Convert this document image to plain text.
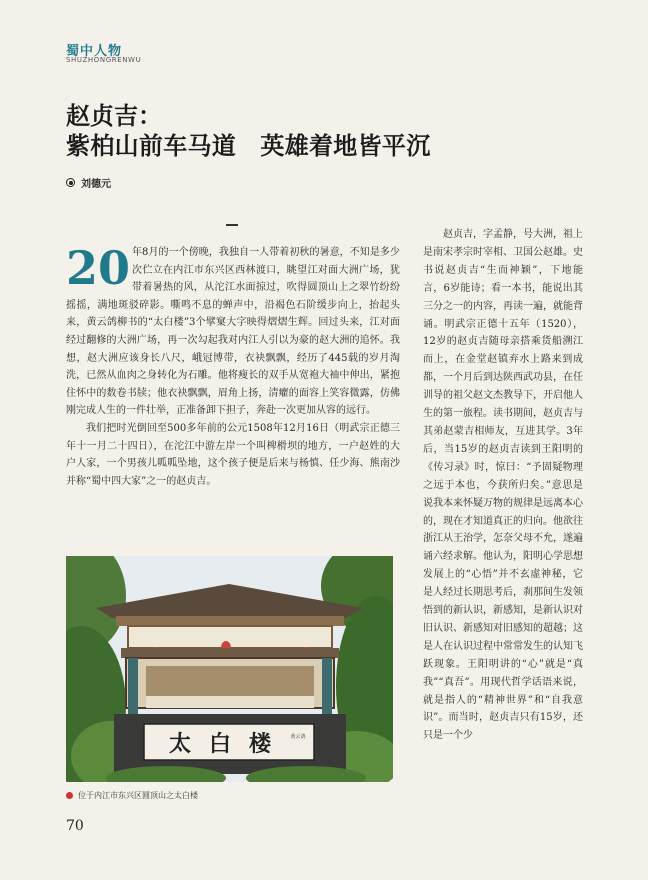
蜀中人物
SHUZHONGRENWU
赵贞吉：
紫柏山前车马道　英雄着地皆平沉
刘德元
20 年8月的一个傍晚，我独自一人带着初秋的暑意，不知是多少次伫立在内江市东兴区西林渡口，眺望江对面大洲广场，犹带着暑热的风，从沱江水面掠过，吹得圆顶山上之翠竹纷纷摇摇，满地斑驳碎影。嘶鸣不息的蝉声中，沿褐色石阶缓步向上，抬起头来，黄云鸽柳书的“太白楼”3个擘窠大字映得熠熠生辉。回过头来，江对面经过翻修的大洲广场，再一次勾起我对内江人引以为豪的赵大洲的追怀。我想，赵大洲应该身长八尺，峨冠博带，衣袂飘飘，经历了445载的岁月淘洗，已然从血肉之身转化为石雕。他将瘦长的双手从宽袍大袖中伸出，紧抱住怀中的数卷书牍；他衣袂飘飘，眉角上扬，清癯的面容上笑容微露，仿佛刚完成人生的一件壮举，正准备卸下担子，奔赴一次更加从容的远行。

我们把时光倒回至500多年前的公元1508年12月16日（明武宗正德三年十一月二十四日），在沱江中游左岸一个叫椑榾坝的地方，一户赵姓的大户人家，一个男孩儿呱呱坠地，这个孩子便是后来与杨慎、任少海、熊南沙并称“蜀中四大家”之一的赵贞吉。

赵贞吉，字孟静，号大洲，祖上是南宋孝宗时宰相、卫国公赵雄。史书说赵贞吉“生而神颖”，下地能言，6岁能诗；看一本书，能说出其三分之一的内容，再读一遍，就能背诵。明武宗正德十五年（1520），12岁的赵贞吉随母亲搭乘货船溯江而上，在金堂赵镇弃水上路来到成都，一个月后到达陕西武功县，在任训导的祖父赵文杰教导下，开启他人生的第一旅程。读书期间，赵贞吉与其弟赵蒙吉相师友，互进其学。3年后，当15岁的赵贞吉读到王阳明的《传习录》时，惊曰：“予固疑物理之远于本也，今获所归矣。”意思是说我本来怀疑万物的规律是远离本心的，现在才知道真正的归向。他欲往浙江从王治学，怎奈父母不允，遂遍诵六经求解。他认为，阳明心学思想发展上的“心悟”并不玄虚神秘，它是人经过长期思考后，刹那间生发领悟到的新认识，新感知，是新认识对旧认识、新感知对旧感知的超越；这是人在认识过程中常常发生的认知飞跃现象。王阳明讲的“心”就是“真我”“真吾”。用现代哲学话语来说，就是指人的“精神世界”和“自我意识”。而当时，赵贞吉只有15岁，还只是一个少

太白楼 黄云鸽
位于内江市东兴区圆顶山之太白楼
70
